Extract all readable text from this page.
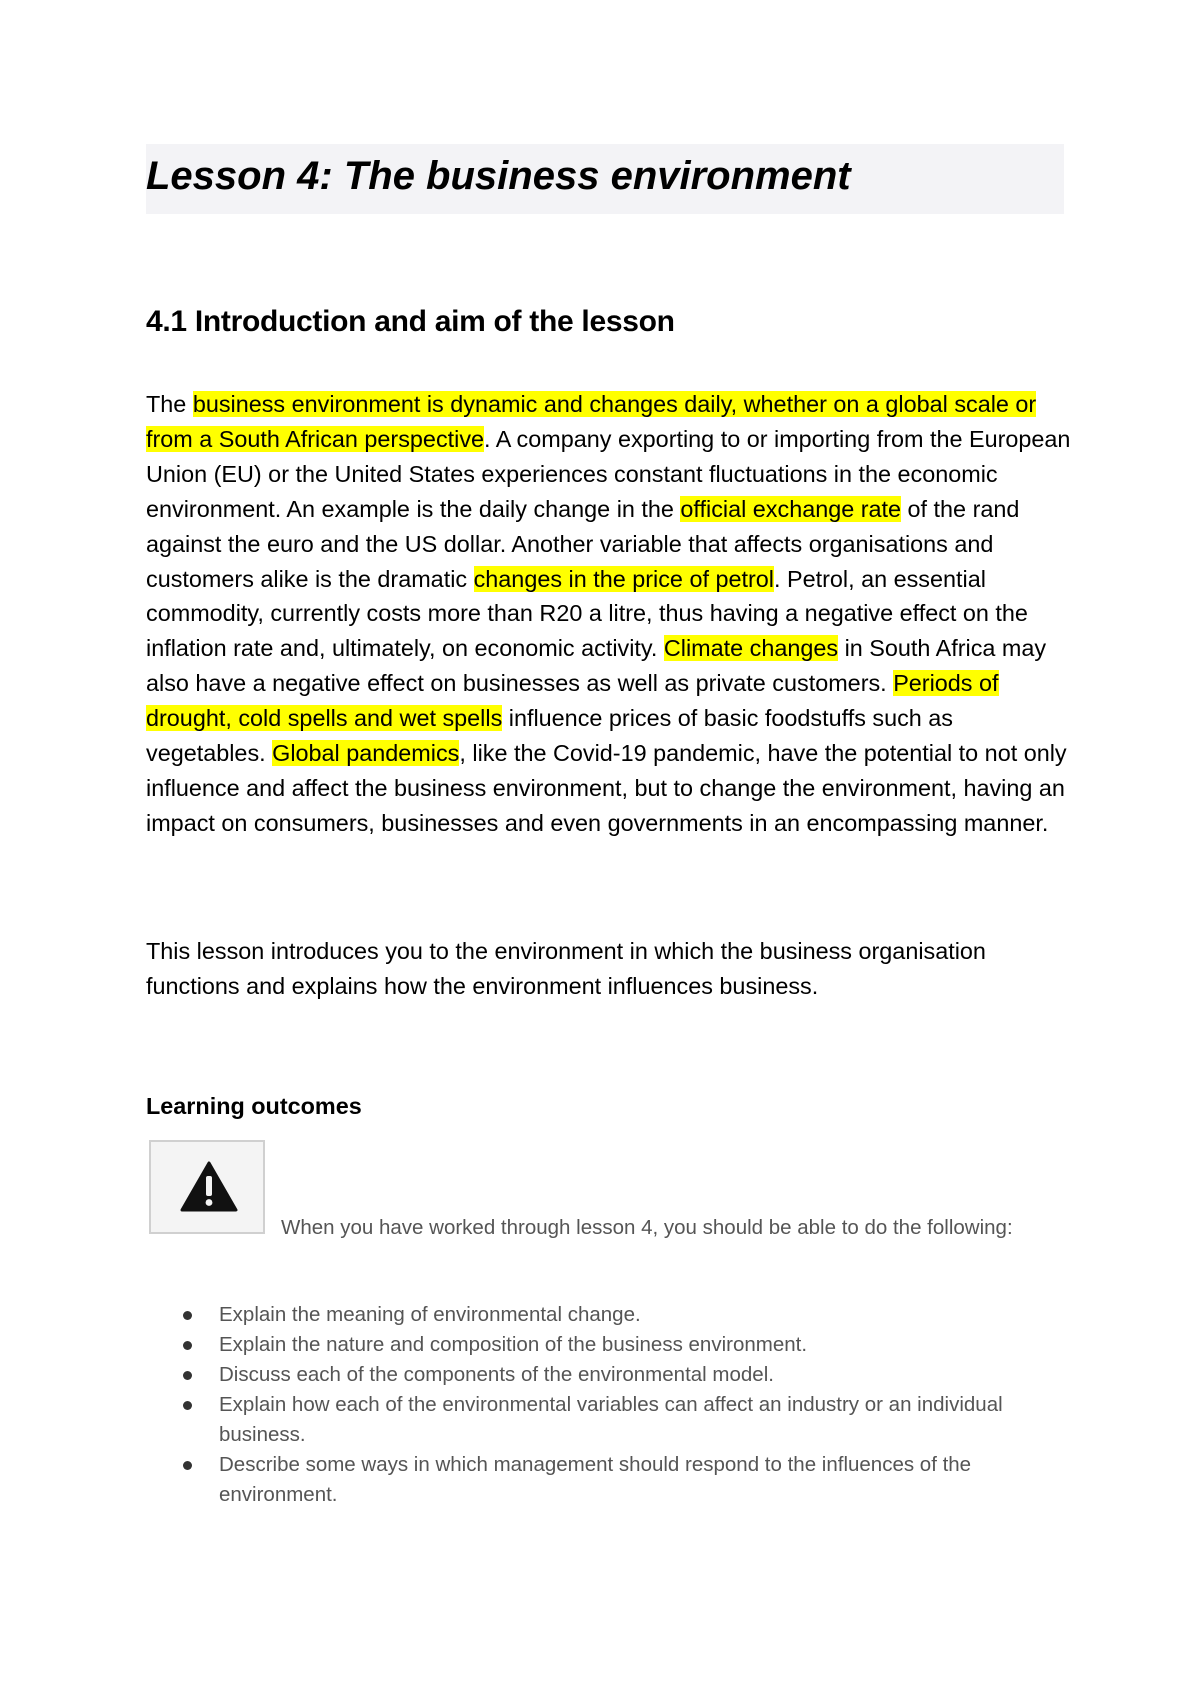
Lesson 4: The business environment
4.1 Introduction and aim of the lesson

The business environment is dynamic and changes daily, whether on a global scale or from a South African perspective. A company exporting to or importing from the European Union (EU) or the United States experiences constant fluctuations in the economic environment. An example is the daily change in the official exchange rate of the rand against the euro and the US dollar. Another variable that affects organisations and customers alike is the dramatic changes in the price of petrol. Petrol, an essential commodity, currently costs more than R20 a litre, thus having a negative effect on the inflation rate and, ultimately, on economic activity. Climate changes in South Africa may also have a negative effect on businesses as well as private customers. Periods of drought, cold spells and wet spells influence prices of basic foodstuffs such as vegetables. Global pandemics, like the Covid-19 pandemic, have the potential to not only influence and affect the business environment, but to change the environment, having an impact on consumers, businesses and even governments in an encompassing manner.

This lesson introduces you to the environment in which the business organisation functions and explains how the environment influences business.

Learning outcomes

When you have worked through lesson 4, you should be able to do the following:

Explain the meaning of environmental change.
Explain the nature and composition of the business environment.
Discuss each of the components of the environmental model.
Explain how each of the environmental variables can affect an industry or an individual business.
Describe some ways in which management should respond to the influences of the environment.
